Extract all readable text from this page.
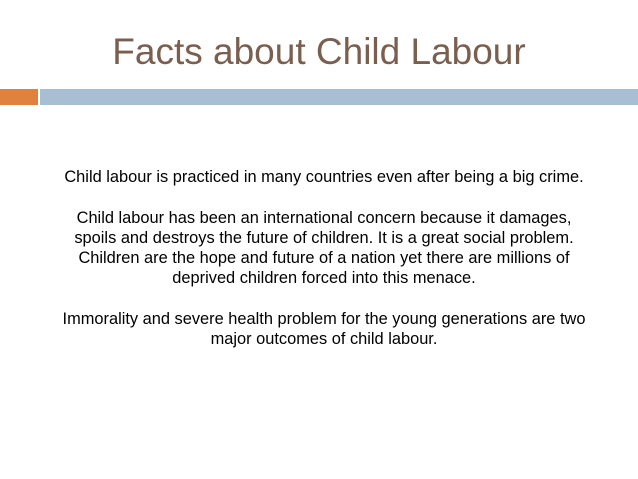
Facts about Child Labour

Child labour is practiced in many countries even after being a big crime.

Child labour has been an international concern because it damages, spoils and destroys the future of children. It is a great social problem. Children are the hope and future of a nation yet there are millions of deprived children forced into this menace.

Immorality and severe health problem for the young generations are two major outcomes of child labour.
